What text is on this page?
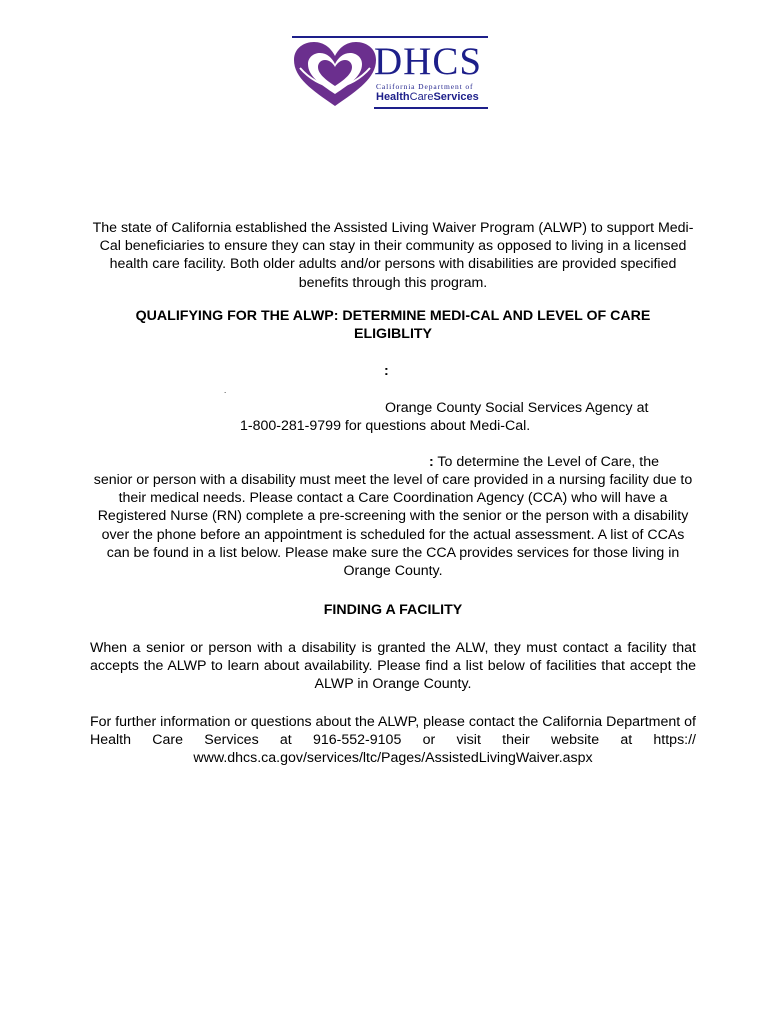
DHCS
California Department of
HealthCareServices
The state of California established the Assisted Living Waiver Program (ALWP) to support Medi-Cal beneficiaries to ensure they can stay in their community as opposed to living in a licensed health care facility. Both older adults and/or persons with disabilities are provided specified benefits through this program.
QUALIFYING FOR THE ALWP: DETERMINE MEDI-CAL AND LEVEL OF CARE ELIGIBLITY
:
.
Orange County Social Services Agency at
1-800-281-9799 for questions about Medi-Cal.
: To determine the Level of Care, the
senior or person with a disability must meet the level of care provided in a nursing facility due to their medical needs. Please contact a Care Coordination Agency (CCA) who will have a Registered Nurse (RN) complete a pre-screening with the senior or the person with a disability over the phone before an appointment is scheduled for the actual assessment. A list of CCAs can be found in a list below. Please make sure the CCA provides services for those living in Orange County.
FINDING A FACILITY
When a senior or person with a disability is granted the ALW, they must contact a facility that accepts the ALWP to learn about availability. Please find a list below of facilities that accept the ALWP in Orange County.
For further information or questions about the ALWP, please contact the California Department of Health Care Services at 916-552-9105 or visit their website at https:// www.dhcs.ca.gov/services/ltc/Pages/AssistedLivingWaiver.aspx
